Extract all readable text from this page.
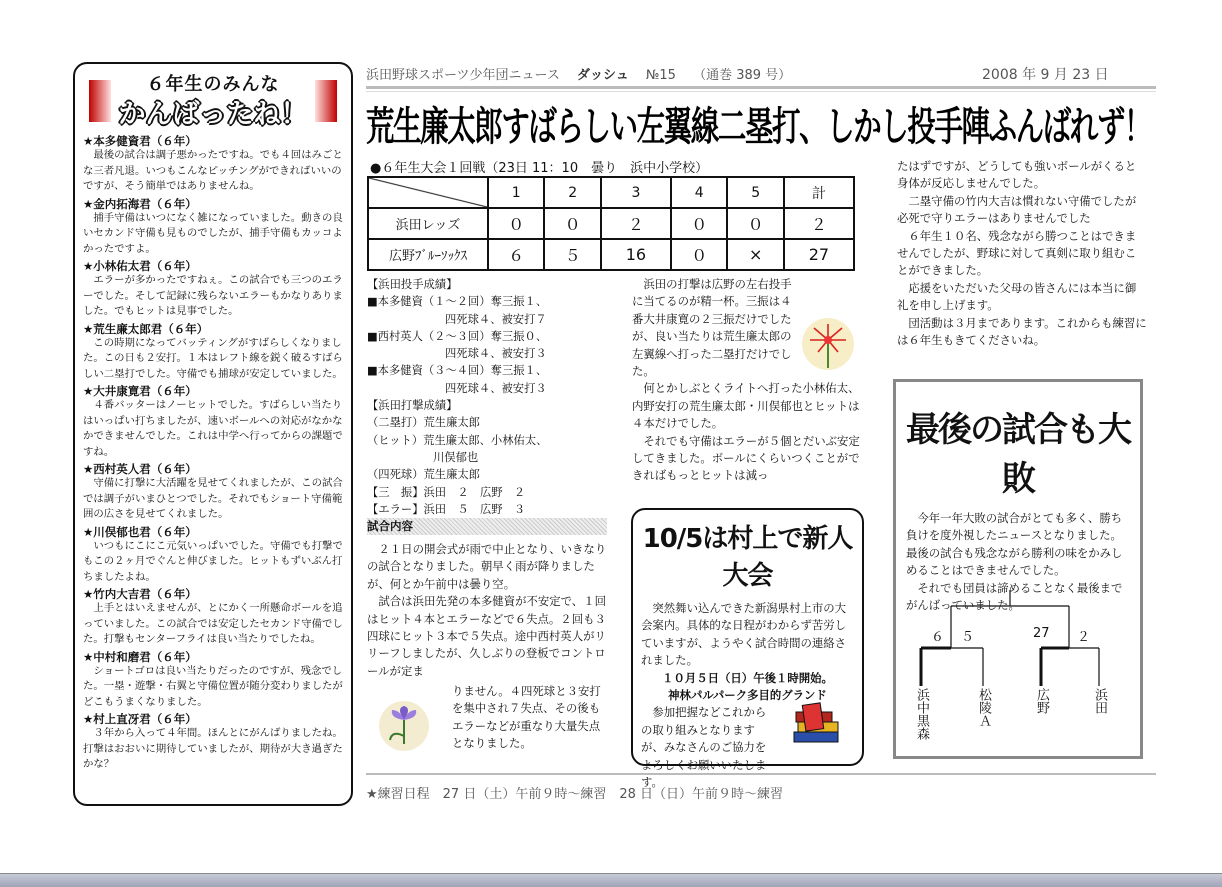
６年生のみんな
かんばったね！
★本多健資君（６年）
最後の試合は調子悪かったですね。でも４回はみごとな三者凡退。いつもこんなピッチングができればいいのですが、そう簡単ではありませんね。
★金内拓海君（６年）
捕手守備はいつになく雑になっていました。動きの良いセカンド守備も見ものでしたが、捕手守備もカッコよかったですよ。
★小林佑太君（６年）
エラーが多かったですねぇ。この試合でも三つのエラーでした。そして記録に残らないエラーもかなりありました。でもヒットは見事でした。
★荒生廉太郎君（６年）
この時期になってバッティングがすばらしくなりました。この日も２安打。１本はレフト線を鋭く破るすばらしい二塁打でした。守備でも捕球が安定していました。
★大井康寛君（６年）
４番バッターはノーヒットでした。すばらしい当たりはいっぱい打ちましたが、速いボールへの対応がなかなかできませんでした。これは中学へ行ってからの課題ですね。
★西村英人君（６年）
守備に打撃に大活躍を見せてくれましたが、この試合では調子がいまひとつでした。それでもショート守備範囲の広さを見せてくれました。
★川俣郁也君（６年）
いつもにこにこ元気いっぱいでした。守備でも打撃でもこの２ヶ月でぐんと伸びました。ヒットもずいぶん打ちましたよね。
★竹内大吉君（６年）
上手とはいえませんが、とにかく一所懸命ボールを追っていました。この試合では安定したセカンド守備でした。打撃もセンターフライは良い当たりでしたね。
★中村和磨君（６年）
ショートゴロは良い当たりだったのですが、残念でした。一塁・遊撃・右翼と守備位置が随分変わりましたがどこもうまくなりました。
★村上直冴君（６年）
３年から入って４年間。ほんとにがんばりましたね。打撃はおおいに期待していましたが、期待が大き過ぎたかな？
浜田野球スポーツ少年団ニュース　 ダッシュ　 №15　 （通巻 389 号）	2008 年 9 月 23 日
荒生廉太郎すばらしい左翼線二塁打、しかし投手陣ふんばれず！
●６年生大会１回戦（23日 11：10　曇り　浜中小学校）
	1	2	3	4	5	計
浜田レッズ	０	０	２	０	０	２
広野ﾌﾞﾙｰｿｯｸｽ	６	５	16	０	×	27
【浜田投手成績】
■本多健資（１～２回）奪三振１、
四死球４、被安打７
■西村英人（２～３回）奪三振０、
四死球４、被安打３
■本多健資（３～４回）奪三振１、
四死球４、被安打３
【浜田打撃成績】
（二塁打）荒生廉太郎
（ヒット）荒生廉太郎、小林佑太、
川俣郁也
（四死球）荒生廉太郎
【三　振】浜田　２　広野　２
【エラー】浜田　５　広野　３
試合内容
２１日の開会式が雨で中止となり、いきなりの試合となりました。朝早く雨が降りましたが、何とか午前中は曇り空。
試合は浜田先発の本多健資が不安定で、１回はヒット４本とエラーなどで６失点。２回も３四球にヒット３本で５失点。途中西村英人がリリーフしましたが、久しぶりの登板でコントロールが定ま
りません。４四死球と３安打を集中され７失点、その後もエラーなどが重なり大量失点となりました。
浜田の打撃は広野の左右投手に当てるのが精一杯。三振は４番大井康寛の２三振だけでしたが、良い当たりは荒生廉太郎の左翼線へ打った二塁打だけでした。
何とかしぶとくライトへ打った小林佑太、内野安打の荒生廉太郎・川俣郁也とヒットは４本だけでした。
それでも守備はエラーが５個とだいぶ安定してきました。ボールにくらいつくことができればもっとヒットは減っ
たはずですが、どうしても強いボールがくると身体が反応しませんでした。
二塁守備の竹内大吉は慣れない守備でしたが必死で守りエラーはありませんでした
６年生１０名、残念ながら勝つことはできませんでしたが、野球に対して真剣に取り組むことができました。
応援をいただいた父母の皆さんには本当に御礼を申し上げます。
団活動は３月まであります。これからも練習には６年生もきてくださいね。
10/5は村上で新人大会
突然舞い込んできた新潟県村上市の大会案内。具体的な日程がわからず苦労していますが、ようやく試合時間の連絡されました。
１０月５日（日）午後１時開始。
神林パルパーク多目的グランド
参加把握などこれからの取り組みとなりますが、みなさんのご協力をよろしくお願いいたします。
最後の試合も大敗
今年一年大敗の試合がとても多く、勝ち負けを度外視したニュースとなりました。最後の試合も残念ながら勝利の味をかみしめることはできませんでした。
それでも団員は諦めることなく最後までがんばっていました。
６ ５	27 ２
浜中黒森	松陵Ａ	広野	浜田
★練習日程　27 日（土）午前９時～練習　28 日（日）午前９時～練習
